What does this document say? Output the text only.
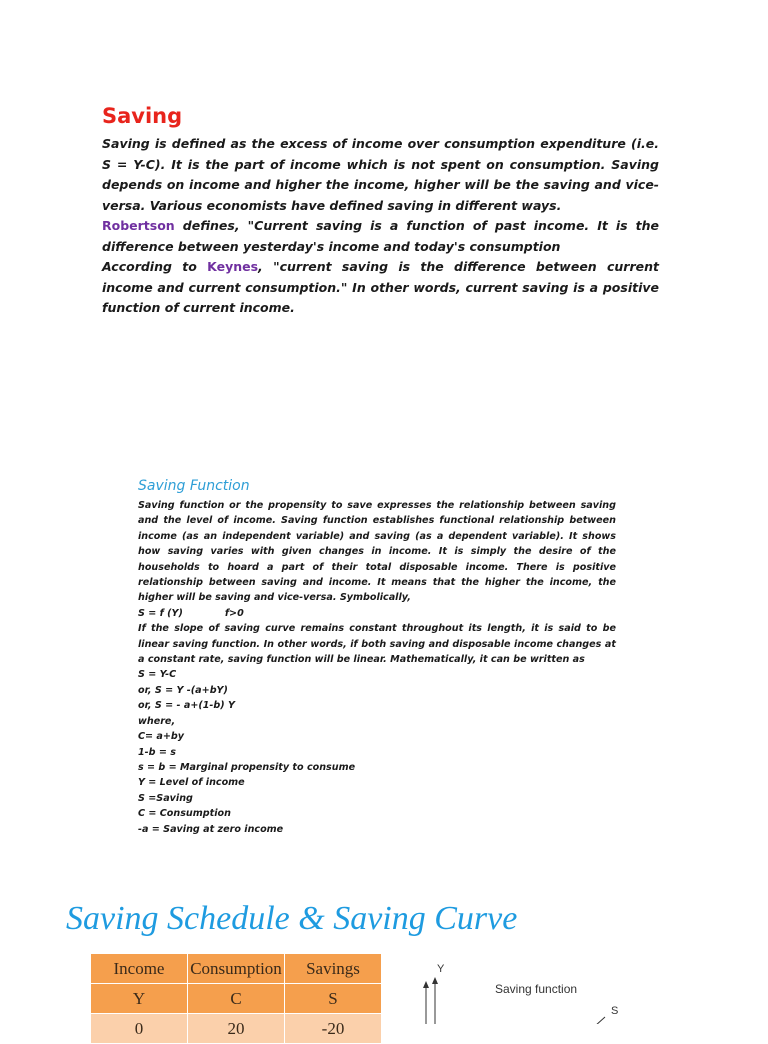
Saving
Saving is defined as the excess of income over consumption expenditure (i.e. S = Y-C). It is the part of income which is not spent on consumption. Saving depends on income and higher the income, higher will be the saving and vice-versa. Various economists have defined saving in different ways.
Robertson defines, "Current saving is a function of past income. It is the difference between yesterday's income and today's consumption
According to Keynes, "current saving is the difference between current income and current consumption." In other words, current saving is a positive function of current income.
Saving Function
Saving function or the propensity to save expresses the relationship between saving and the level of income. Saving function establishes functional relationship between income (as an independent variable) and saving (as a dependent variable). It shows how saving varies with given changes in income. It is simply the desire of the households to hoard a part of their total disposable income. There is positive relationship between saving and income. It means that the higher the income, the higher will be saving and vice-versa. Symbolically,
S = f (Y)	f>0
If the slope of saving curve remains constant throughout its length, it is said to be linear saving function. In other words, if both saving and disposable income changes at a constant rate, saving function will be linear. Mathematically, it can be written as
S = Y-C
or, S = Y -(a+bY)
or, S = - a+(1-b) Y
where,
C= a+by
1-b = s
s = b = Marginal propensity to consume
Y = Level of income
S =Saving
C = Consumption
-a = Saving at zero income
Saving Schedule & Saving Curve
Income	Consumption	Savings
Y	C	S
0	20	-20
Y
Saving function
S
